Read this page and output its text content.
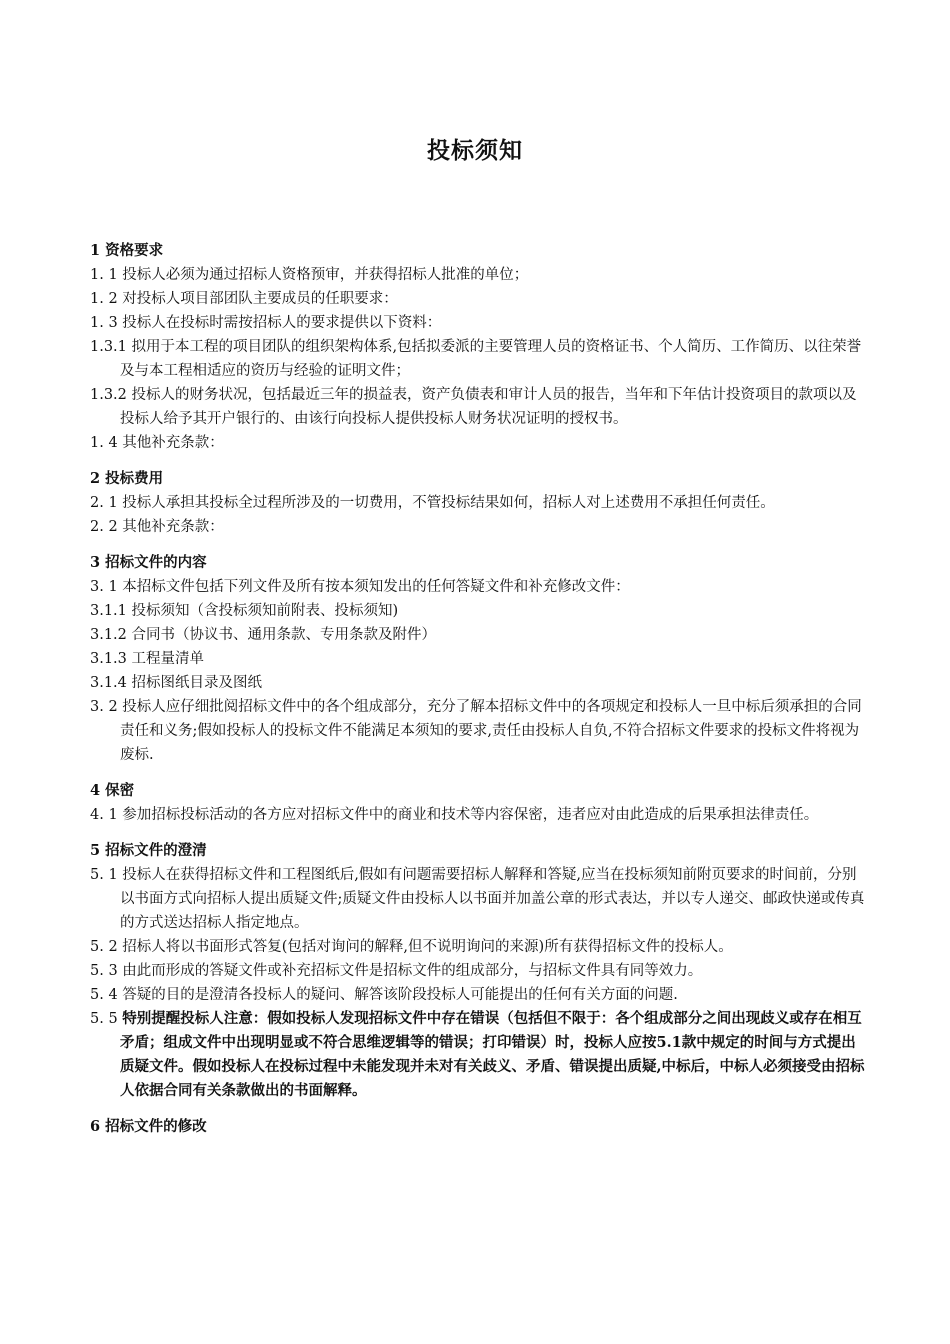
投标须知
1 资格要求
1. 1 投标人必须为通过招标人资格预审，并获得招标人批准的单位；
1. 2 对投标人项目部团队主要成员的任职要求：
1. 3 投标人在投标时需按招标人的要求提供以下资料：
1.3.1 拟用于本工程的项目团队的组织架构体系,包括拟委派的主要管理人员的资格证书、个人简历、工作简历、以往荣誉及与本工程相适应的资历与经验的证明文件；
1.3.2 投标人的财务状况，包括最近三年的损益表，资产负债表和审计人员的报告，当年和下年估计投资项目的款项以及投标人给予其开户银行的、由该行向投标人提供投标人财务状况证明的授权书。
1. 4 其他补充条款：
2 投标费用
2. 1 投标人承担其投标全过程所涉及的一切费用，不管投标结果如何，招标人对上述费用不承担任何责任。
2. 2 其他补充条款：
3 招标文件的内容
3. 1 本招标文件包括下列文件及所有按本须知发出的任何答疑文件和补充修改文件：
3.1.1 投标须知（含投标须知前附表、投标须知)
3.1.2 合同书（协议书、通用条款、专用条款及附件）
3.1.3 工程量清单
3.1.4 招标图纸目录及图纸
3. 2 投标人应仔细批阅招标文件中的各个组成部分，充分了解本招标文件中的各项规定和投标人一旦中标后须承担的合同责任和义务;假如投标人的投标文件不能满足本须知的要求,责任由投标人自负,不符合招标文件要求的投标文件将视为废标.
4 保密
4. 1 参加招标投标活动的各方应对招标文件中的商业和技术等内容保密，违者应对由此造成的后果承担法律责任。
5 招标文件的澄清
5. 1 投标人在获得招标文件和工程图纸后,假如有问题需要招标人解释和答疑,应当在投标须知前附页要求的时间前，分别以书面方式向招标人提出质疑文件;质疑文件由投标人以书面并加盖公章的形式表达，并以专人递交、邮政快递或传真的方式送达招标人指定地点。
5. 2 招标人将以书面形式答复(包括对询问的解释,但不说明询问的来源)所有获得招标文件的投标人。
5. 3 由此而形成的答疑文件或补充招标文件是招标文件的组成部分，与招标文件具有同等效力。
5. 4 答疑的目的是澄清各投标人的疑问、解答该阶段投标人可能提出的任何有关方面的问题.
5. 5 特别提醒投标人注意：假如投标人发现招标文件中存在错误（包括但不限于：各个组成部分之间出现歧义或存在相互矛盾；组成文件中出现明显或不符合思维逻辑等的错误；打印错误）时，投标人应按5.1款中规定的时间与方式提出质疑文件。假如投标人在投标过程中未能发现并未对有关歧义、矛盾、错误提出质疑,中标后，中标人必须接受由招标人依据合同有关条款做出的书面解释。
6 招标文件的修改
